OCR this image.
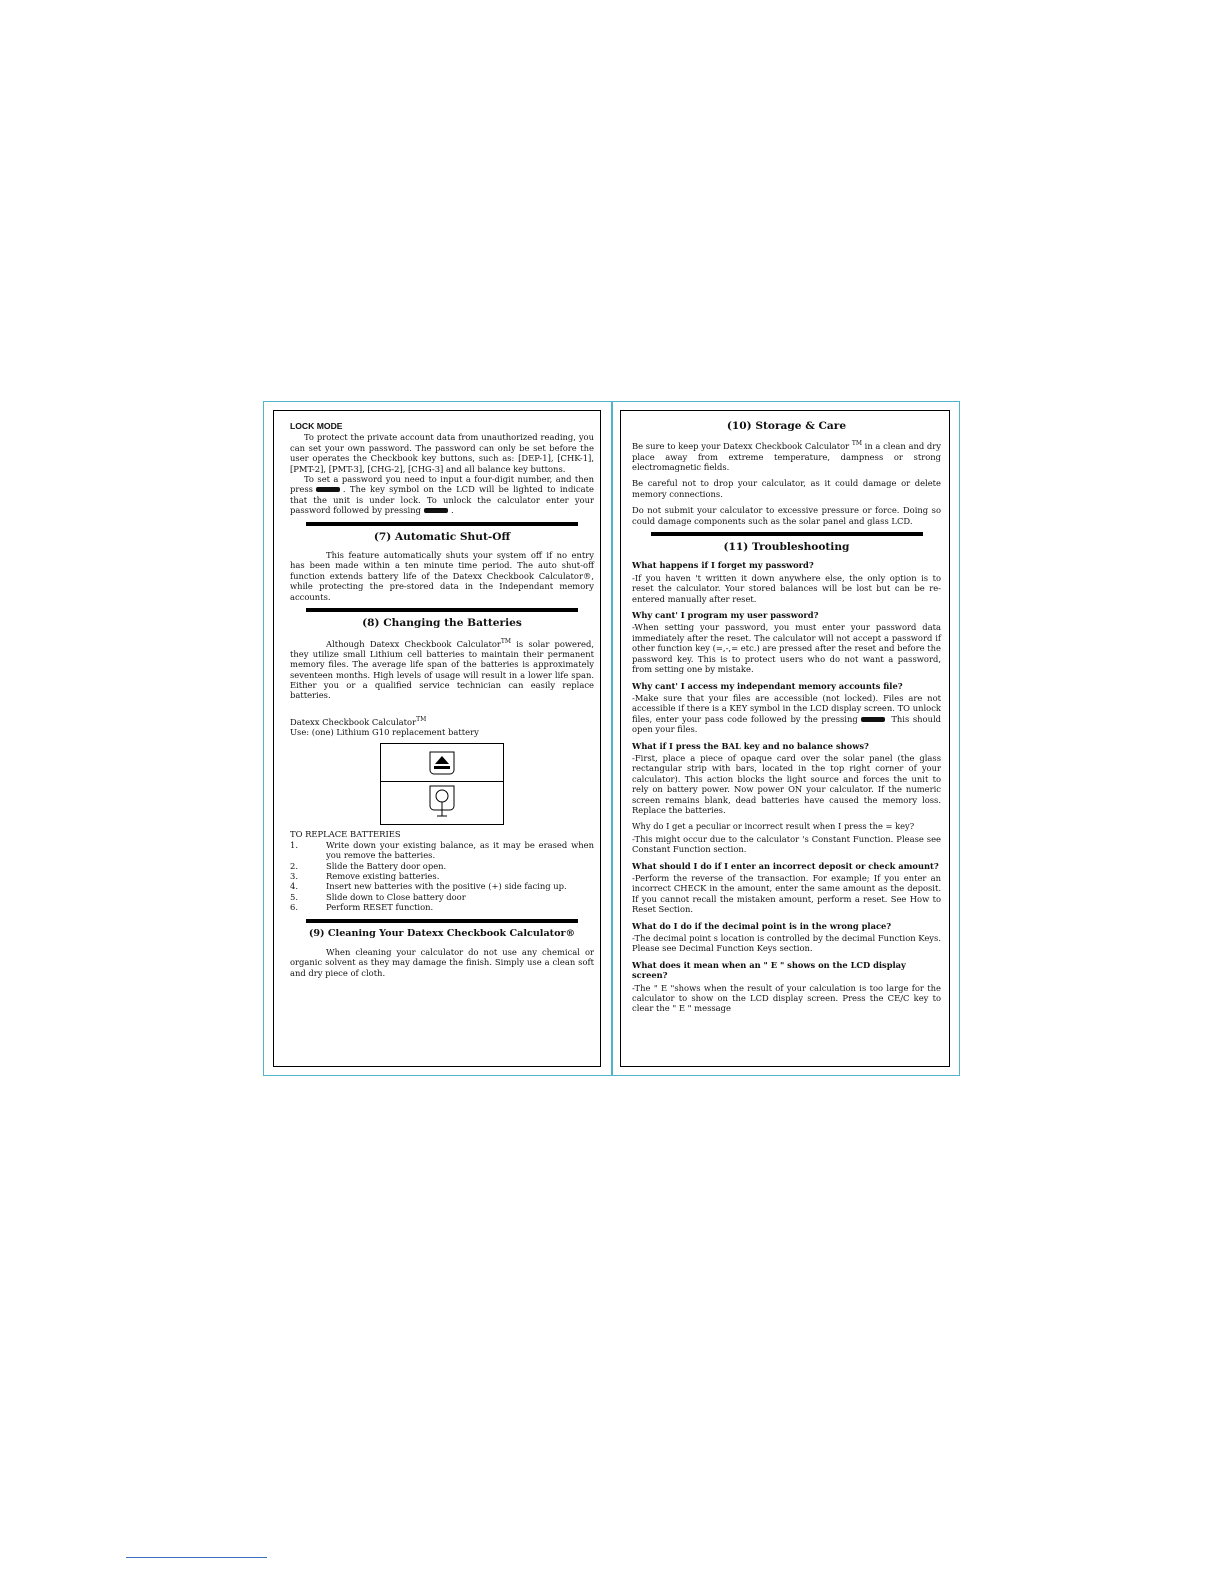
LOCK MODE

To protect the private account data from unauthorized reading, you can set your own password. The password can only be set before the user operates the Checkbook key buttons, such as: [DEP-1], [CHK-1], [PMT-2], [PMT-3], [CHG-2], [CHG-3] and all balance key buttons.

To set a password you need to input a four-digit number, and then press	. The key symbol on the LCD will be lighted to indicate that the unit is under lock. To unlock the calculator enter your password followed by pressing	.

(7) Automatic Shut-Off

This feature automatically shuts your system off if no entry has been made within a ten minute time period. The auto shut-off function extends battery life of the Datexx Checkbook Calculator®, while protecting the pre-stored data in the Independant memory accounts.

(8) Changing the Batteries

Although Datexx Checkbook Calculator™ is solar powered, they utilize small Lithium cell batteries to maintain their permanent memory files. The average life span of the batteries is approximately seventeen months. High levels of usage will result in a lower life span. Either you or a qualified service technician can easily replace batteries.

Datexx Checkbook Calculator™

Use: (one) Lithium G10 replacement battery

TO REPLACE BATTERIES

1.	Write down your existing balance, as it may be erased when you remove the batteries.
2.	Slide the Battery door open.
3.	Remove existing batteries.
4.	Insert new batteries with the positive (+) side facing up.
5.	Slide down to Close battery door
6.	Perform RESET function.
(9) Cleaning Your Datexx Checkbook Calculator®

When cleaning your calculator do not use any chemical or organic solvent as they may damage the finish. Simply use a clean soft and dry piece of cloth.

(10) Storage & Care

Be sure to keep your Datexx Checkbook Calculator ™ in a clean and dry place away from extreme temperature, dampness or strong electromagnetic fields.

Be careful not to drop your calculator, as it could damage or delete memory connections.

Do not submit your calculator to excessive pressure or force. Doing so could damage components such as the solar panel and glass LCD.

(11) Troubleshooting
What happens if I forget my password?

-If you haven 't written it down anywhere else, the only option is to reset the calculator. Your stored balances will be lost but can be re-entered manually after reset.

Why cant' I program my user password?

-When setting your password, you must enter your password data immediately after the reset. The calculator will not accept a password if other function key (=,-,= etc.) are pressed after the reset and before the password key. This is to protect users who do not want a password, from setting one by mistake.

Why cant' I access my independant memory accounts file?

-Make sure that your files are accessible (not locked). Files are not accessible if there is a KEY symbol in the LCD display screen. TO unlock files, enter your pass code followed by the pressing	This should open your files.

What if I press the BAL key and no balance shows?

-First, place a piece of opaque card over the solar panel (the glass rectangular strip with bars, located in the top right corner of your calculator). This action blocks the light source and forces the unit to rely on battery power. Now power ON your calculator. If the numeric screen remains blank, dead batteries have caused the memory loss. Replace the batteries.

Why do I get a peculiar or incorrect result when I press the = key?

-This might occur due to the calculator 's Constant Function. Please see Constant Function section.

What should I do if I enter an incorrect deposit or check amount?

-Perform the reverse of the transaction. For example; If you enter an incorrect CHECK in the amount, enter the same amount as the deposit. If you cannot recall the mistaken amount, perform a reset. See How to Reset Section.

What do I do if the decimal point is in the wrong place?

-The decimal point s location is controlled by the decimal Function Keys. Please see Decimal Function Keys section.

What does it mean when an " E " shows on the LCD display screen?

-The " E "shows when the result of your calculation is too large for the calculator to show on the LCD display screen. Press the CE/C key to clear the " E " message
